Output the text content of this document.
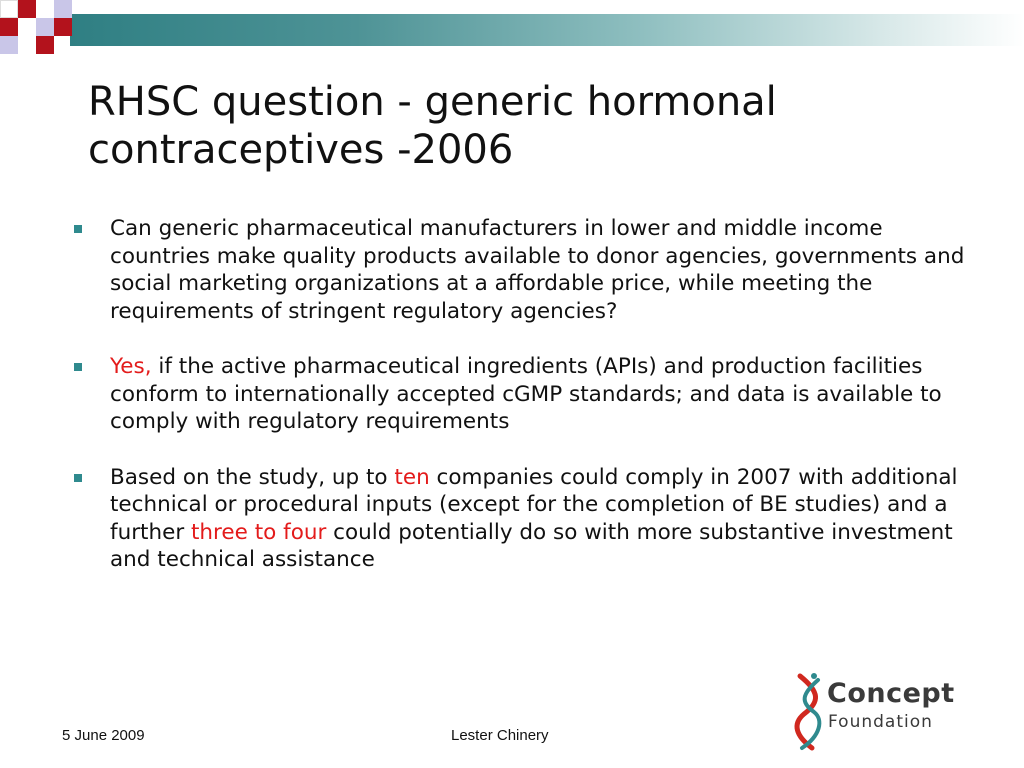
RHSC question - generic hormonal contraceptives -2006
Can generic pharmaceutical manufacturers in lower and middle income countries make quality products available to donor agencies, governments and social marketing organizations at a affordable price, while meeting the requirements of stringent regulatory agencies?
Yes, if the active pharmaceutical ingredients (APIs) and production facilities conform to internationally accepted cGMP standards; and data is available to comply with regulatory requirements
Based on the study, up to ten companies could comply in 2007 with additional technical or procedural inputs (except for the completion of BE studies) and a further three to four could potentially do so with more substantive investment and technical assistance
5 June 2009	Lester Chinery
Concept
Foundation
